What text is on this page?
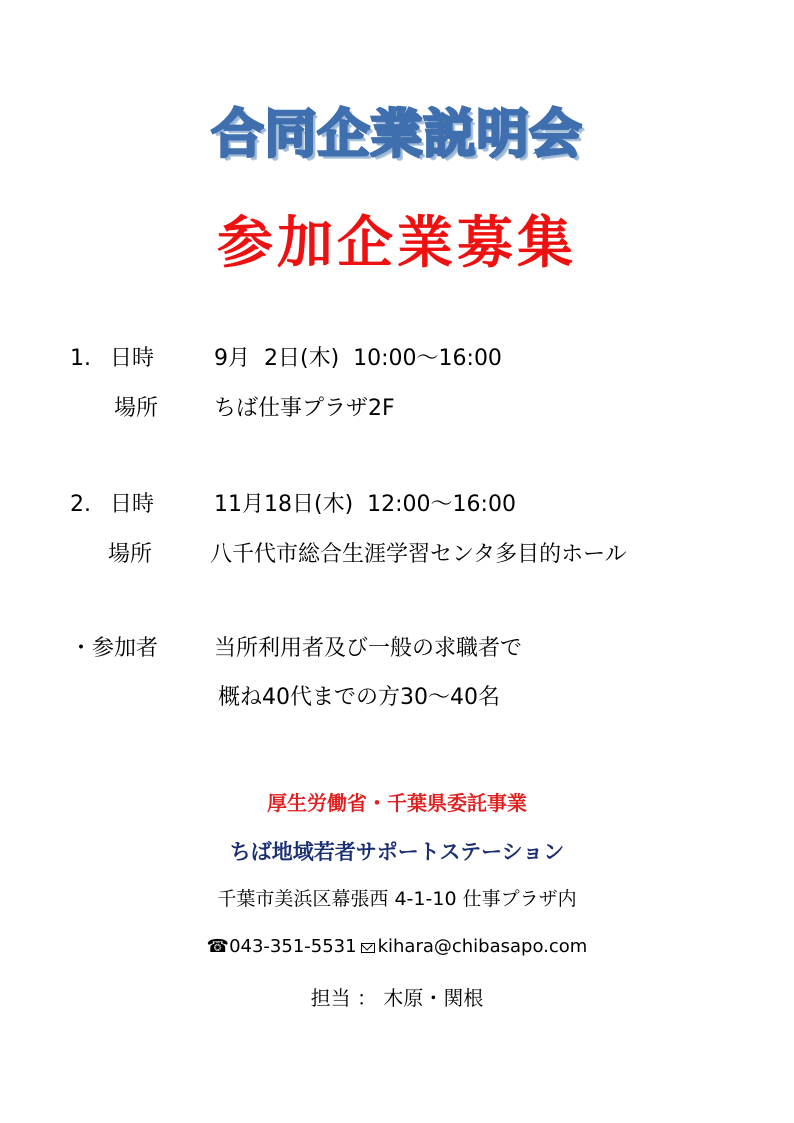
合同企業説明会
参加企業募集
1. 日時	9月  2日(木)  10:00～16:00
場所	ちば仕事プラザ2F
2. 日時	11月18日(木)  12:00～16:00
場所	八千代市総合生涯学習センタ多目的ホール
・参加者	当所利用者及び一般の求職者で
概ね40代までの方30～40名
厚生労働省・千葉県委託事業
ちば地域若者サポートステーション
千葉市美浜区幕張西 4-1-10 仕事プラザ内
☎043-351-5531 kihara@chibasapo.com
担当 ： 木原・関根
